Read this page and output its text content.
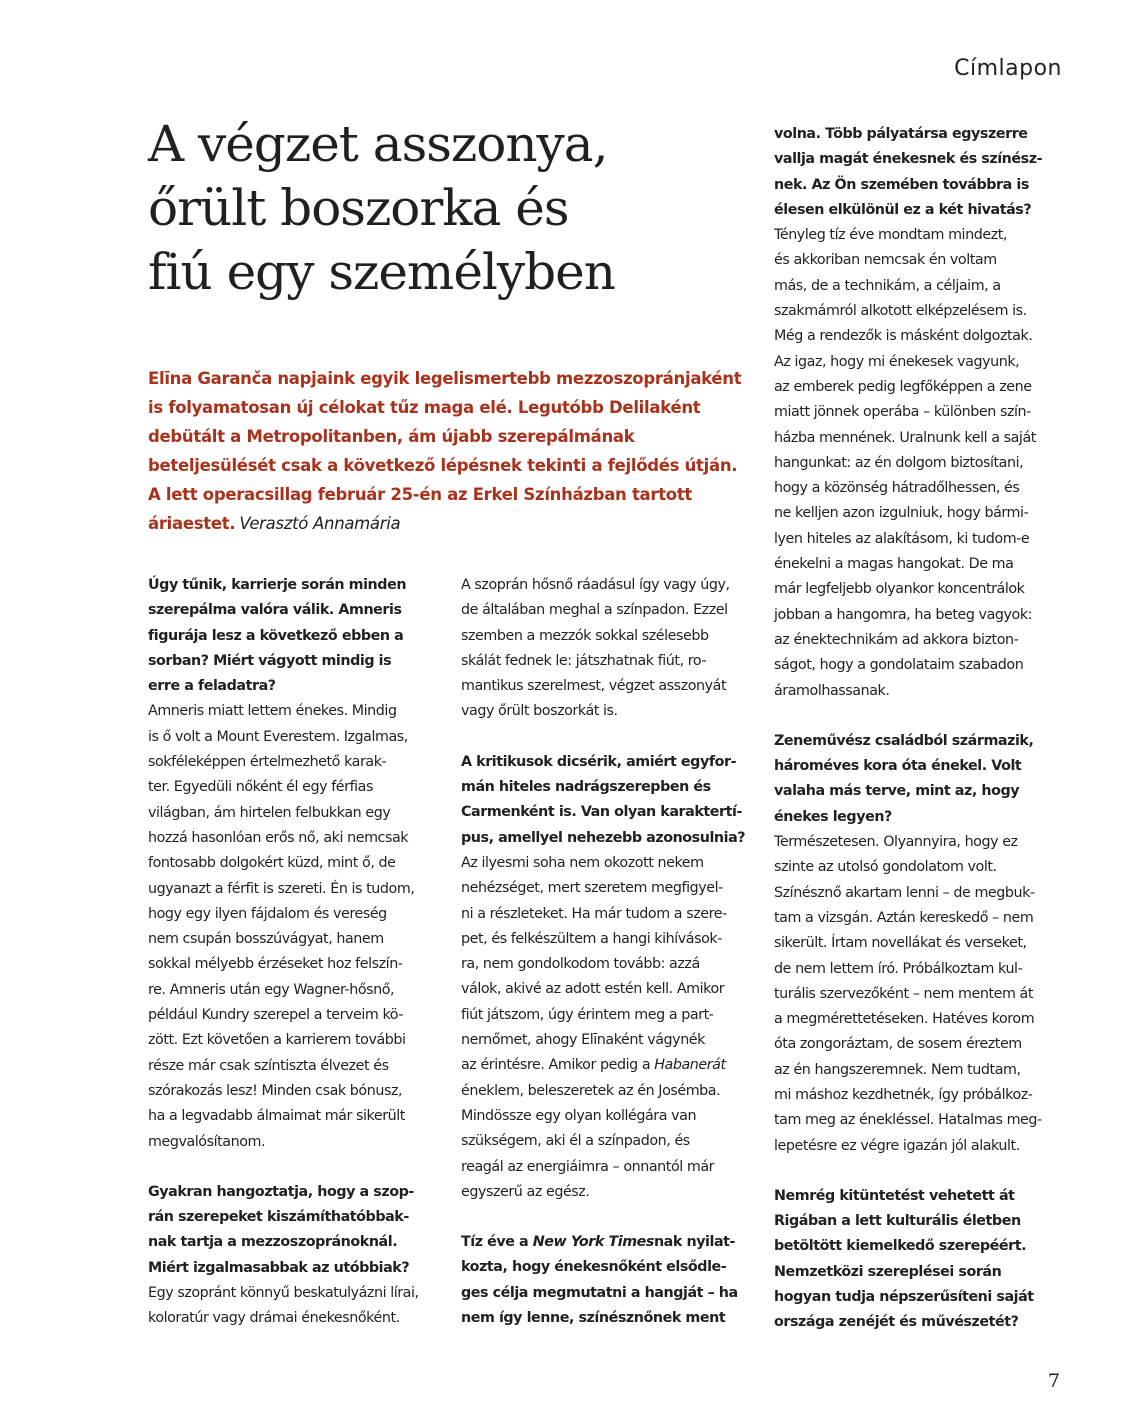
Címlapon
A végzet asszonya,
őrült boszorka és
fiú egy személyben
Elīna Garanča napjaink egyik legelismertebb mezzoszopránjaként
is folyamatosan új célokat tűz maga elé. Legutóbb Delilaként
debütált a Metropolitanben, ám újabb szerepálmának
beteljesülését csak a következő lépésnek tekinti a fejlődés útján.
A lett operacsillag február 25-én az Erkel Színházban tartott
áriaestet. Verasztó Annamária
Úgy tűnik, karrierje során minden
szerepálma valóra válik. Amneris
figurája lesz a következő ebben a
sorban? Miért vágyott mindig is
erre a feladatra?
Amneris miatt lettem énekes. Mindig
is ő volt a Mount Everestem. Izgalmas,
sokféleképpen értelmezhető karak-
ter. Egyedüli nőként él egy férfias
világban, ám hirtelen felbukkan egy
hozzá hasonlóan erős nő, aki nemcsak
fontosabb dolgokért küzd, mint ő, de
ugyanazt a férfit is szereti. Én is tudom,
hogy egy ilyen fájdalom és vereség
nem csupán bosszúvágyat, hanem
sokkal mélyebb érzéseket hoz felszín-
re. Amneris után egy Wagner-hősnő,
például Kundry szerepel a terveim kö-
zött. Ezt követően a karrierem további
része már csak színtiszta élvezet és
szórakozás lesz! Minden csak bónusz,
ha a legvadabb álmaimat már sikerült
megvalósítanom.
Gyakran hangoztatja, hogy a szop-
rán szerepeket kiszámíthatóbbak-
nak tartja a mezzoszopránoknál.
Miért izgalmasabbak az utóbbiak?
Egy szopránt könnyű beskatulyázni lírai,
koloratúr vagy drámai énekesnőként.
A szoprán hősnő ráadásul így vagy úgy,
de általában meghal a színpadon. Ezzel
szemben a mezzók sokkal szélesebb
skálát fednek le: játszhatnak fiút, ro-
mantikus szerelmest, végzet asszonyát
vagy őrült boszorkát is.
A kritikusok dicsérik, amiért egyfor-
mán hiteles nadrágszerepben és
Carmenként is. Van olyan karaktertí-
pus, amellyel nehezebb azonosulnia?
Az ilyesmi soha nem okozott nekem
nehézséget, mert szeretem megfigyel-
ni a részleteket. Ha már tudom a szere-
pet, és felkészültem a hangi kihívások-
ra, nem gondolkodom tovább: azzá
válok, akivé az adott estén kell. Amikor
fiút játszom, úgy érintem meg a part-
nernőmet, ahogy Elīnaként vágynék
az érintésre. Amikor pedig a Habanerát
éneklem, beleszeretek az én Josémba.
Mindössze egy olyan kollégára van
szükségem, aki él a színpadon, és
reagál az energiáimra – onnantól már
egyszerű az egész.
Tíz éve a New York Timesnak nyilat-
kozta, hogy énekesnőként elsődle-
ges célja megmutatni a hangját – ha
nem így lenne, színésznőnek ment
volna. Több pályatársa egyszerre
vallja magát énekesnek és színész-
nek. Az Ön szemében továbbra is
élesen elkülönül ez a két hivatás?
Tényleg tíz éve mondtam mindezt,
és akkoriban nemcsak én voltam
más, de a technikám, a céljaim, a
szakmámról alkotott elképzelésem is.
Még a rendezők is másként dolgoztak.
Az igaz, hogy mi énekesek vagyunk,
az emberek pedig legfőképpen a zene
miatt jönnek operába – különben szín-
házba mennének. Uralnunk kell a saját
hangunkat: az én dolgom biztosítani,
hogy a közönség hátradőlhessen, és
ne kelljen azon izgulniuk, hogy bármi-
lyen hiteles az alakításom, ki tudom-e
énekelni a magas hangokat. De ma
már legfeljebb olyankor koncentrálok
jobban a hangomra, ha beteg vagyok:
az énektechnikám ad akkora bizton-
ságot, hogy a gondolataim szabadon
áramolhassanak.
Zeneművész családból származik,
hároméves kora óta énekel. Volt
valaha más terve, mint az, hogy
énekes legyen?
Természetesen. Olyannyira, hogy ez
szinte az utolsó gondolatom volt.
Színésznő akartam lenni – de megbuk-
tam a vizsgán. Aztán kereskedő – nem
sikerült. Írtam novellákat és verseket,
de nem lettem író. Próbálkoztam kul-
turális szervezőként – nem mentem át
a megmérettetéseken. Hatéves korom
óta zongoráztam, de sosem éreztem
az én hangszeremnek. Nem tudtam,
mi máshoz kezdhetnék, így próbálkoz-
tam meg az énekléssel. Hatalmas meg-
lepetésre ez végre igazán jól alakult.
Nemrég kitüntetést vehetett át
Rigában a lett kulturális életben
betöltött kiemelkedő szerepéért.
Nemzetközi szereplései során
hogyan tudja népszerűsíteni saját
országa zenéjét és művészetét?
7
